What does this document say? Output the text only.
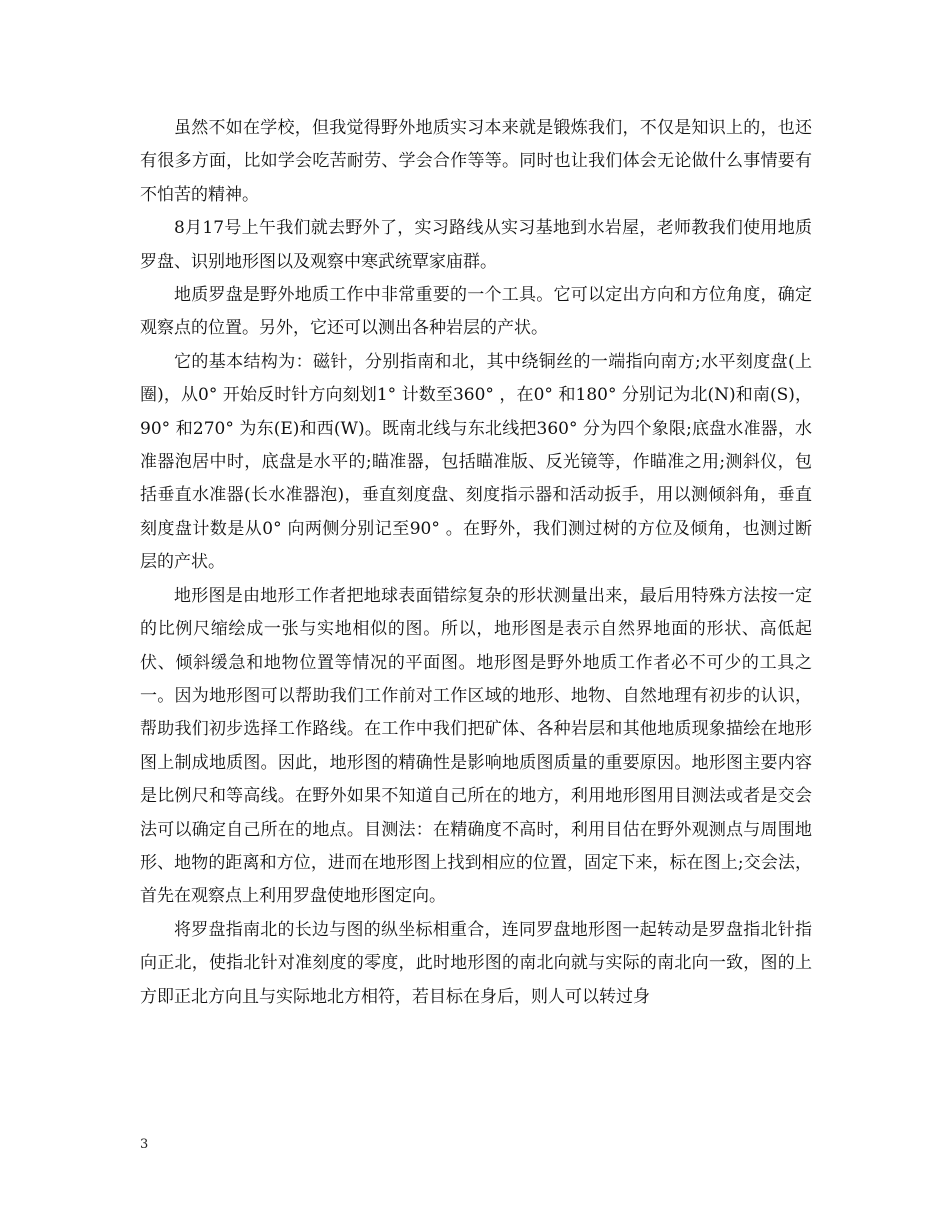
虽然不如在学校，但我觉得野外地质实习本来就是锻炼我们，不仅是知识上的，也还有很多方面，比如学会吃苦耐劳、学会合作等等。同时也让我们体会无论做什么事情要有不怕苦的精神。

8月17号上午我们就去野外了，实习路线从实习基地到水岩屋，老师教我们使用地质罗盘、识别地形图以及观察中寒武统覃家庙群。

地质罗盘是野外地质工作中非常重要的一个工具。它可以定出方向和方位角度，确定观察点的位置。另外，它还可以测出各种岩层的产状。

它的基本结构为：磁针，分别指南和北，其中绕铜丝的一端指向南方;水平刻度盘(上圈)，从0° 开始反时针方向刻划1° 计数至360° ，在0° 和180° 分别记为北(N)和南(S)，90° 和270° 为东(E)和西(W)。既南北线与东北线把360° 分为四个象限;底盘水准器，水准器泡居中时，底盘是水平的;瞄准器，包括瞄准版、反光镜等，作瞄准之用;测斜仪，包括垂直水准器(长水准器泡)，垂直刻度盘、刻度指示器和活动扳手，用以测倾斜角，垂直刻度盘计数是从0° 向两侧分别记至90° 。在野外，我们测过树的方位及倾角，也测过断层的产状。

地形图是由地形工作者把地球表面错综复杂的形状测量出来，最后用特殊方法按一定的比例尺缩绘成一张与实地相似的图。所以，地形图是表示自然界地面的形状、高低起伏、倾斜缓急和地物位置等情况的平面图。地形图是野外地质工作者必不可少的工具之一。因为地形图可以帮助我们工作前对工作区域的地形、地物、自然地理有初步的认识，帮助我们初步选择工作路线。在工作中我们把矿体、各种岩层和其他地质现象描绘在地形图上制成地质图。因此，地形图的精确性是影响地质图质量的重要原因。地形图主要内容是比例尺和等高线。在野外如果不知道自己所在的地方，利用地形图用目测法或者是交会法可以确定自己所在的地点。目测法：在精确度不高时，利用目估在野外观测点与周围地形、地物的距离和方位，进而在地形图上找到相应的位置，固定下来，标在图上;交会法，首先在观察点上利用罗盘使地形图定向。

将罗盘指南北的长边与图的纵坐标相重合，连同罗盘地形图一起转动是罗盘指北针指向正北，使指北针对准刻度的零度，此时地形图的南北向就与实际的南北向一致，图的上方即正北方向且与实际地北方相符，若目标在身后，则人可以转过身

3
